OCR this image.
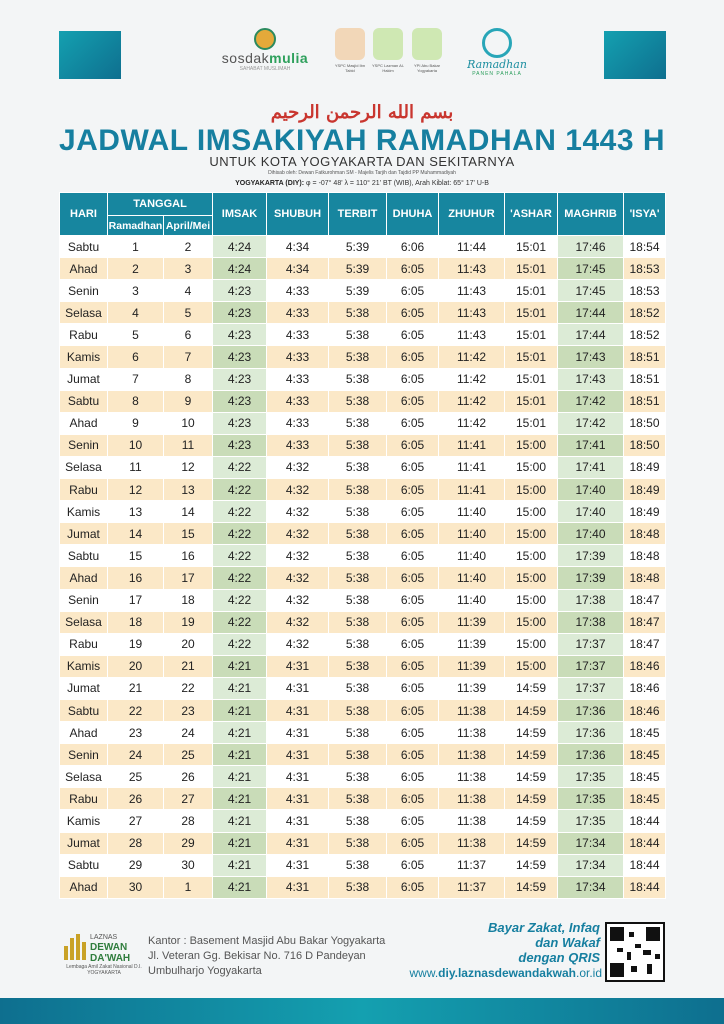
sosdakmulia
SAHABAT MUSLIMAH
YSPC Masjid Ibn Tabid
YSPC Lazman Al-Hakim
YPI Abu Bakar Yogyakarta	Ramadhan
PANEN PAHALA
بسم الله الرحمن الرحيم
JADWAL IMSAKIYAH RAMADHAN 1443 H
UNTUK KOTA YOGYAKARTA DAN SEKITARNYA
Dihisab oleh: Dewan Fatkurohman SM - Majelis Tarjih dan Tajdid PP Muhammadiyah
YOGYAKARTA (DIY): φ = -07° 48' λ = 110° 21' BT (WIB), Arah Kiblat: 65° 17' U-B
HARI	TANGGAL		IMSAK	SHUBUH	TERBIT	DHUHA	ZHUHUR	'ASHAR	MAGHRIB	'ISYA'
	Ramadhan	April/Mei								
Sabtu	1	2	4:24	4:34	5:39	6:06	11:44	15:01	17:46	18:54
Ahad	2	3	4:24	4:34	5:39	6:05	11:43	15:01	17:45	18:53
Senin	3	4	4:23	4:33	5:39	6:05	11:43	15:01	17:45	18:53
Selasa	4	5	4:23	4:33	5:38	6:05	11:43	15:01	17:44	18:52
Rabu	5	6	4:23	4:33	5:38	6:05	11:43	15:01	17:44	18:52
Kamis	6	7	4:23	4:33	5:38	6:05	11:42	15:01	17:43	18:51
Jumat	7	8	4:23	4:33	5:38	6:05	11:42	15:01	17:43	18:51
Sabtu	8	9	4:23	4:33	5:38	6:05	11:42	15:01	17:42	18:51
Ahad	9	10	4:23	4:33	5:38	6:05	11:42	15:01	17:42	18:50
Senin	10	11	4:23	4:33	5:38	6:05	11:41	15:00	17:41	18:50
Selasa	11	12	4:22	4:32	5:38	6:05	11:41	15:00	17:41	18:49
Rabu	12	13	4:22	4:32	5:38	6:05	11:41	15:00	17:40	18:49
Kamis	13	14	4:22	4:32	5:38	6:05	11:40	15:00	17:40	18:49
Jumat	14	15	4:22	4:32	5:38	6:05	11:40	15:00	17:40	18:48
Sabtu	15	16	4:22	4:32	5:38	6:05	11:40	15:00	17:39	18:48
Ahad	16	17	4:22	4:32	5:38	6:05	11:40	15:00	17:39	18:48
Senin	17	18	4:22	4:32	5:38	6:05	11:40	15:00	17:38	18:47
Selasa	18	19	4:22	4:32	5:38	6:05	11:39	15:00	17:38	18:47
Rabu	19	20	4:22	4:32	5:38	6:05	11:39	15:00	17:37	18:47
Kamis	20	21	4:21	4:31	5:38	6:05	11:39	15:00	17:37	18:46
Jumat	21	22	4:21	4:31	5:38	6:05	11:39	14:59	17:37	18:46
Sabtu	22	23	4:21	4:31	5:38	6:05	11:38	14:59	17:36	18:46
Ahad	23	24	4:21	4:31	5:38	6:05	11:38	14:59	17:36	18:45
Senin	24	25	4:21	4:31	5:38	6:05	11:38	14:59	17:36	18:45
Selasa	25	26	4:21	4:31	5:38	6:05	11:38	14:59	17:35	18:45
Rabu	26	27	4:21	4:31	5:38	6:05	11:38	14:59	17:35	18:45
Kamis	27	28	4:21	4:31	5:38	6:05	11:38	14:59	17:35	18:44
Jumat	28	29	4:21	4:31	5:38	6:05	11:38	14:59	17:34	18:44
Sabtu	29	30	4:21	4:31	5:38	6:05	11:37	14:59	17:34	18:44
Ahad	30	1	4:21	4:31	5:38	6:05	11:37	14:59	17:34	18:44
LAZNAS
DEWAN
DA'WAH
Lembaga Amil Zakat Nasional D.I. YOGYAKARTA
Kantor : Basement Masjid Abu Bakar Yogyakarta
Jl. Veteran Gg. Bekisar No. 716 D Pandeyan
Umbulharjo Yogyakarta
Bayar Zakat, Infaq
dan Wakaf
dengan QRIS
www.diy.laznasdewandakwah.or.id
